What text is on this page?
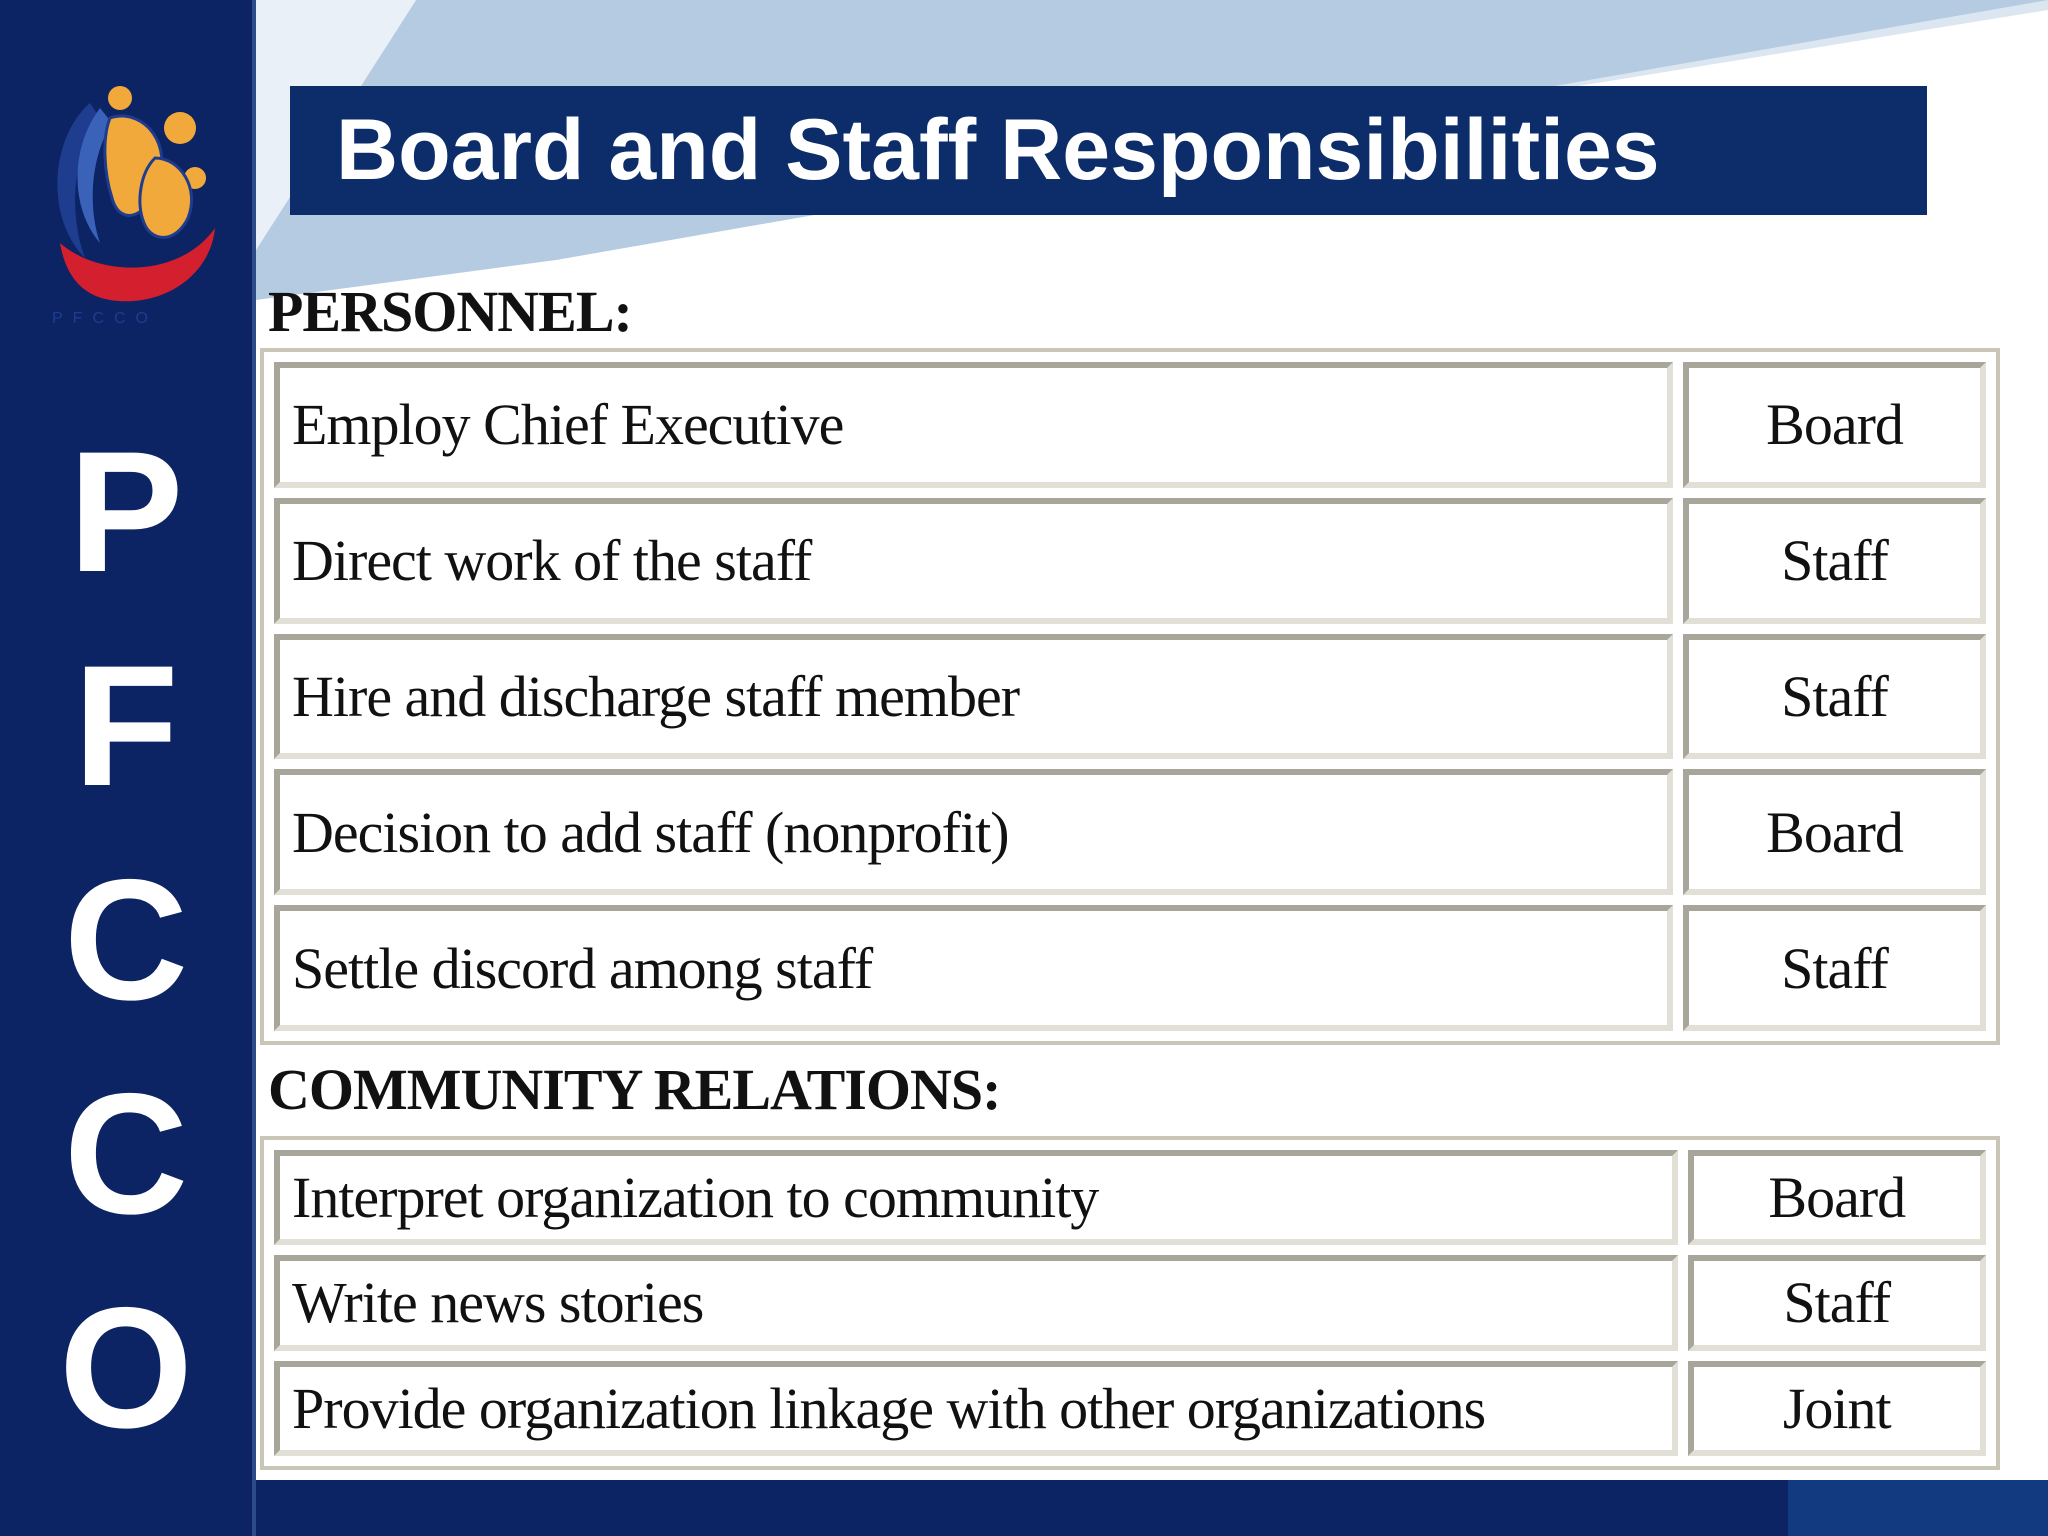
PFCCO
P
F
C
C
O
Board and Staff Responsibilities
PERSONNEL:
Employ Chief Executive	Board
Direct work of the staff	Staff
Hire and discharge staff member	Staff
Decision to add staff (nonprofit)	Board
Settle discord among staff	Staff
COMMUNITY RELATIONS:
Interpret organization to community	Board
Write news stories	Staff
Provide organization linkage with other organizations	Joint
